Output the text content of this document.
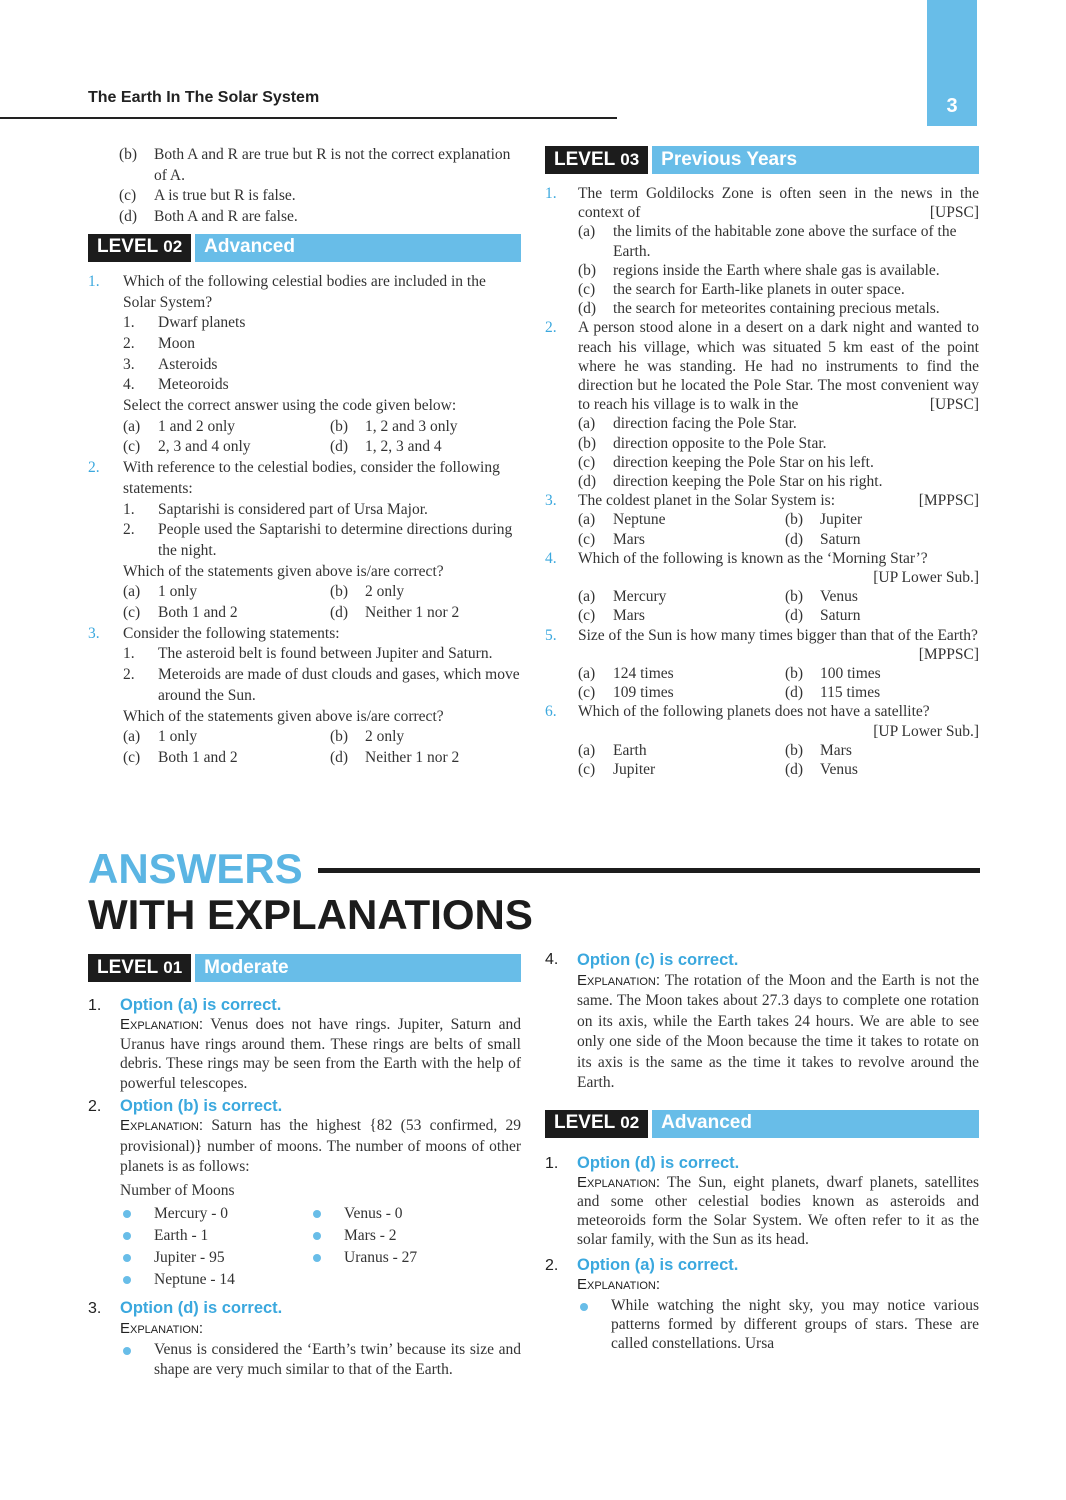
The Earth In The Solar System	3
(b) Both A and R are true but R is not the correct explanation of A.
(c) A is true but R is false.
(d) Both A and R are false.
LEVEL 02	Advanced
1. Which of the following celestial bodies are included in the Solar System?

1. Dwarf planets
2. Moon
3. Asteroids
4. Meteoroids

Select the correct answer using the code given below:

(a) 1 and 2 only	(b) 1, 2 and 3 only
(c) 2, 3 and 4 only	(d) 1, 2, 3 and 4
2. With reference to the celestial bodies, consider the following statements:

1. Saptarishi is considered part of Ursa Major.
2. People used the Saptarishi to determine directions during the night.

Which of the statements given above is/are correct?

(a) 1 only	(b) 2 only
(c) Both 1 and 2	(d) Neither 1 nor 2
3. Consider the following statements:

1. The asteroid belt is found between Jupiter and Saturn.
2. Meteroids are made of dust clouds and gases, which move around the Sun.

Which of the statements given above is/are correct?

(a) 1 only	(b) 2 only
(c) Both 1 and 2	(d) Neither 1 nor 2
LEVEL 03	Previous Years
1. The term Goldilocks Zone is often seen in the news in the context of	[UPSC]

(a) the limits of the habitable zone above the surface of the Earth.
(b) regions inside the Earth where shale gas is available.
(c) the search for Earth-like planets in outer space.
(d) the search for meteorites containing precious metals.
2. A person stood alone in a desert on a dark night and wanted to reach his village, which was situated 5 km east of the point where he was standing. He had no instruments to find the direction but he located the Pole Star. The most convenient way to reach his village is to walk in the	[UPSC]

(a) direction facing the Pole Star.
(b) direction opposite to the Pole Star.
(c) direction keeping the Pole Star on his left.
(d) direction keeping the Pole Star on his right.
3. The coldest planet in the Solar System is:	[MPPSC]

(a) Neptune	(b) Jupiter
(c) Mars	(d) Saturn
4. Which of the following is known as the ‘Morning Star’?
[UP Lower Sub.]

(a) Mercury	(b) Venus
(c) Mars	(d) Saturn
5. Size of the Sun is how many times bigger than that of the Earth?
[MPPSC]

(a) 124 times	(b) 100 times
(c) 109 times	(d) 115 times
6. Which of the following planets does not have a satellite?
[UP Lower Sub.]

(a) Earth	(b) Mars
(c) Jupiter	(d) Venus
ANSWERS
WITH EXPLANATIONS
LEVEL 01	Moderate
1. Option (a) is correct.

Explanation: Venus does not have rings. Jupiter, Saturn and Uranus have rings around them. These rings are belts of small debris. These rings may be seen from the Earth with the help of powerful telescopes.

2. Option (b) is correct.

Explanation: Saturn has the highest {82 (53 confirmed, 29 provisional)} number of moons. The number of moons of other planets is as follows:

Number of Moons

Mercury - 0	Venus - 0
Earth - 1	Mars - 2
Jupiter - 95	Uranus - 27
Neptune - 14
3. Option (d) is correct.

Explanation:

Venus is considered the ‘Earth’s twin’ because its size and shape are very much similar to that of the Earth.
4. Option (c) is correct.

Explanation: The rotation of the Moon and the Earth is not the same. The Moon takes about 27.3 days to complete one rotation on its axis, while the Earth takes 24 hours. We are able to see only one side of the Moon because the time it takes to rotate on its axis is the same as the time it takes to revolve around the Earth.

LEVEL 02	Advanced
1. Option (d) is correct.

Explanation: The Sun, eight planets, dwarf planets, satellites and some other celestial bodies known as asteroids and meteoroids form the Solar System. We often refer to it as the solar family, with the Sun as its head.

2. Option (a) is correct.

Explanation:

While watching the night sky, you may notice various patterns formed by different groups of stars. These are called constellations. Ursa
